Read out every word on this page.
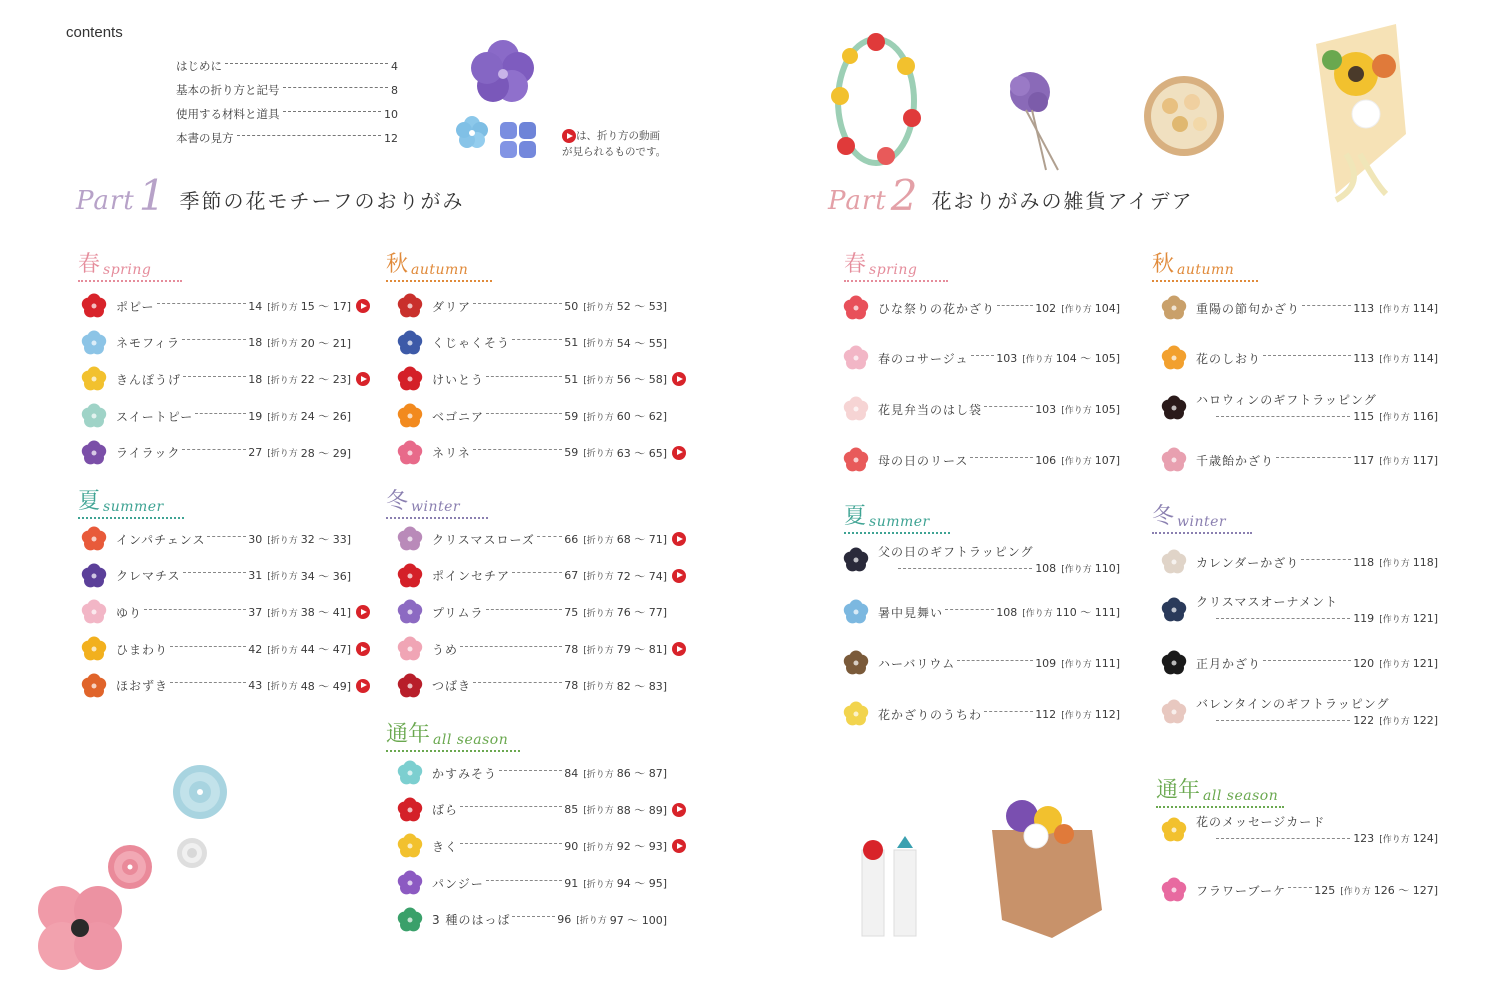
contents
はじめに	4
基本の折り方と記号	8
使用する材料と道具	10
本書の見方	12	は、折り方の動画
が見られるものです。
Part 1 季節の花モチーフのおりがみ	Part 2 花おりがみの雑貨アイデア
春 spring	秋 autumn
夏 summer	冬 winter
通年 all season
春 spring	秋 autumn
夏 summer	冬 winter
通年 all season
ポピー	14 [折り方 15 ～ 17]
ネモフィラ	18 [折り方 20 ～ 21]
きんぽうげ	18 [折り方 22 ～ 23]
スイートピー	19 [折り方 24 ～ 26]
ライラック	27 [折り方 28 ～ 29]
インパチェンス	30 [折り方 32 ～ 33]
クレマチス	31 [折り方 34 ～ 36]
ゆり	37 [折り方 38 ～ 41]
ひまわり	42 [折り方 44 ～ 47]
ほおずき	43 [折り方 48 ～ 49]
ダリア	50 [折り方 52 ～ 53]
くじゃくそう	51 [折り方 54 ～ 55]
けいとう	51 [折り方 56 ～ 58]
ベゴニア	59 [折り方 60 ～ 62]
ネリネ	59 [折り方 63 ～ 65]
クリスマスローズ	66 [折り方 68 ～ 71]
ポインセチア	67 [折り方 72 ～ 74]
プリムラ	75 [折り方 76 ～ 77]
うめ	78 [折り方 79 ～ 81]
つばき	78 [折り方 82 ～ 83]
かすみそう	84 [折り方 86 ～ 87]
ばら	85 [折り方 88 ～ 89]
きく	90 [折り方 92 ～ 93]
パンジー	91 [折り方 94 ～ 95]
3 種のはっぱ	96 [折り方 97 ～ 100]
ひな祭りの花かざり	102 [作り方 104]
春のコサージュ	103 [作り方 104 ～ 105]
花見弁当のはし袋	103 [作り方 105]
母の日のリース	106 [作り方 107]
父の日のギフトラッピング
108 [作り方 110]
暑中見舞い	108 [作り方 110 ～ 111]
ハーバリウム	109 [作り方 111]
花かざりのうちわ	112 [作り方 112]
重陽の節句かざり	113 [作り方 114]
花のしおり	113 [作り方 114]
ハロウィンのギフトラッピング
115 [作り方 116]
千歳飴かざり	117 [作り方 117]
カレンダーかざり	118 [作り方 118]
クリスマスオーナメント
119 [作り方 121]
正月かざり	120 [作り方 121]
バレンタインのギフトラッピング
122 [作り方 122]
花のメッセージカード
123 [作り方 124]
フラワーブーケ	125 [作り方 126 ～ 127]
